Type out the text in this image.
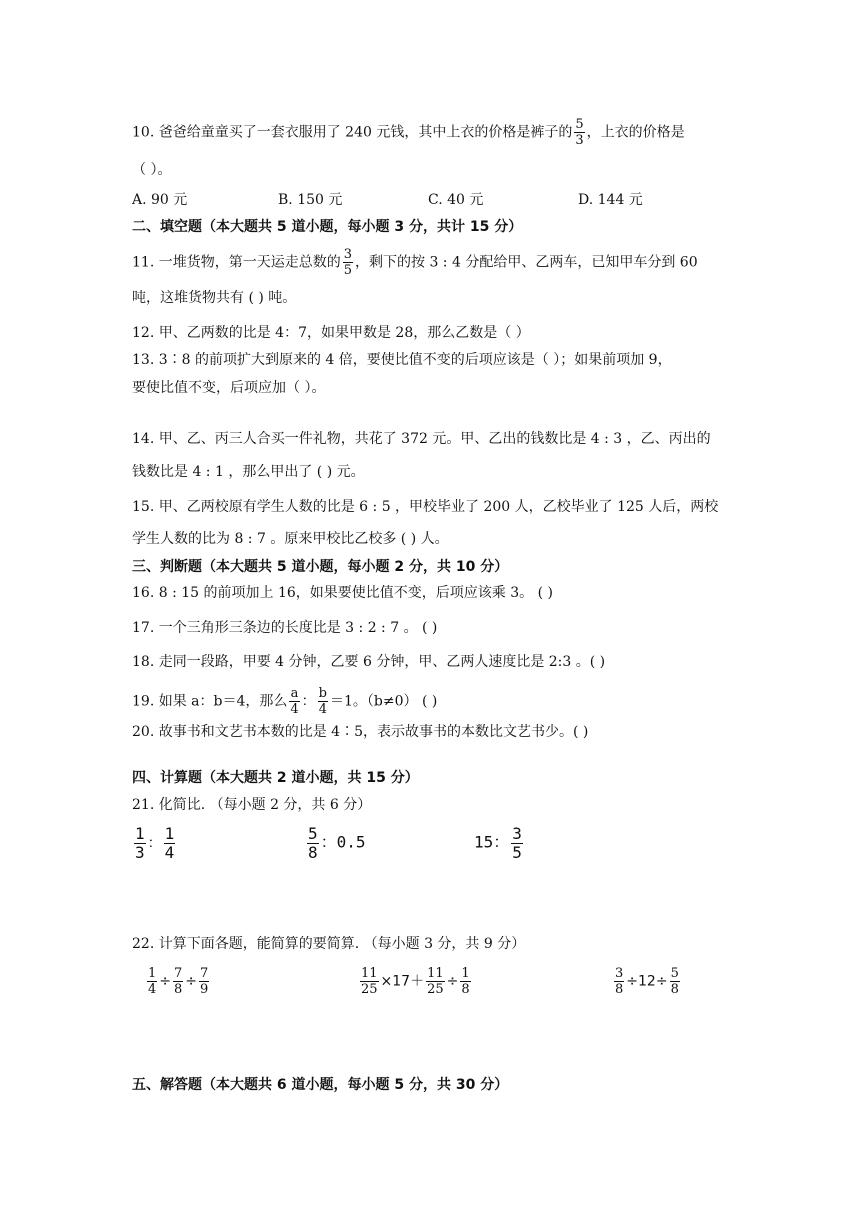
10. 爸爸给童童买了一套衣服用了 240 元钱，其中上衣的价格是裤子的 $\frac{5}{3}$ ，上衣的价格是
（ ）。
A. 90 元	B. 150 元	C. 40 元	D. 144 元
二、填空题（本大题共 5 道小题，每小题 3 分，共计 15 分）
11. 一堆货物，第一天运走总数的 $\frac{3}{5}$ ，剩下的按 3 : 4 分配给甲、乙两车，已知甲车分到 60
吨，这堆货物共有 ( ) 吨。
12. 甲、乙两数的比是 4：7，如果甲数是 28，那么乙数是（ ）
13. 3∶8 的前项扩大到原来的 4 倍，要使比值不变的后项应该是（ ）；如果前项加 9，
要使比值不变，后项应加（ ）。
14. 甲、乙、丙三人合买一件礼物，共花了 372 元。甲、乙出的钱数比是 4 : 3 ，乙、丙出的
钱数比是 4 : 1 ，那么甲出了 ( ) 元。
15. 甲、乙两校原有学生人数的比是 6 : 5 ，甲校毕业了 200 人，乙校毕业了 125 人后，两校
学生人数的比为 8 : 7 。原来甲校比乙校多 ( ) 人。
三、判断题（本大题共 5 道小题，每小题 2 分，共 10 分）
16. 8 : 15 的前项加上 16，如果要使比值不变，后项应该乘 3。 ( )
17. 一个三角形三条边的长度比是 3 : 2 : 7 。 ( )
18. 走同一段路，甲要 4 分钟，乙要 6 分钟，甲、乙两人速度比是 2:3 。( )
19. 如果 a：b＝4，那么 $\frac{a}{4}$ ： $\frac{b}{4} =1$。（b≠0） ( )
20. 故事书和文艺书本数的比是 4∶5，表示故事书的本数比文艺书少。( )
四、计算题（本大题共 2 道小题，共 15 分）
21. 化简比. （每小题 2 分，共 6 分）
$\frac{1}{3}$ ： $\frac{1}{4}$	$\frac{5}{8}$ ：0.5	15： $\frac{3}{5}$
22. 计算下面各题，能简算的要简算. （每小题 3 分，共 9 分）
$\frac{1}{4} \div \frac{7}{8} \div \frac{7}{9}$	$\frac{11}{25} \times 17+ \frac{11}{25} \div \frac{1}{8}$	$\frac{3}{8} \div 12\div \frac{5}{8}$
五、解答题（本大题共 6 道小题，每小题 5 分，共 30 分）
